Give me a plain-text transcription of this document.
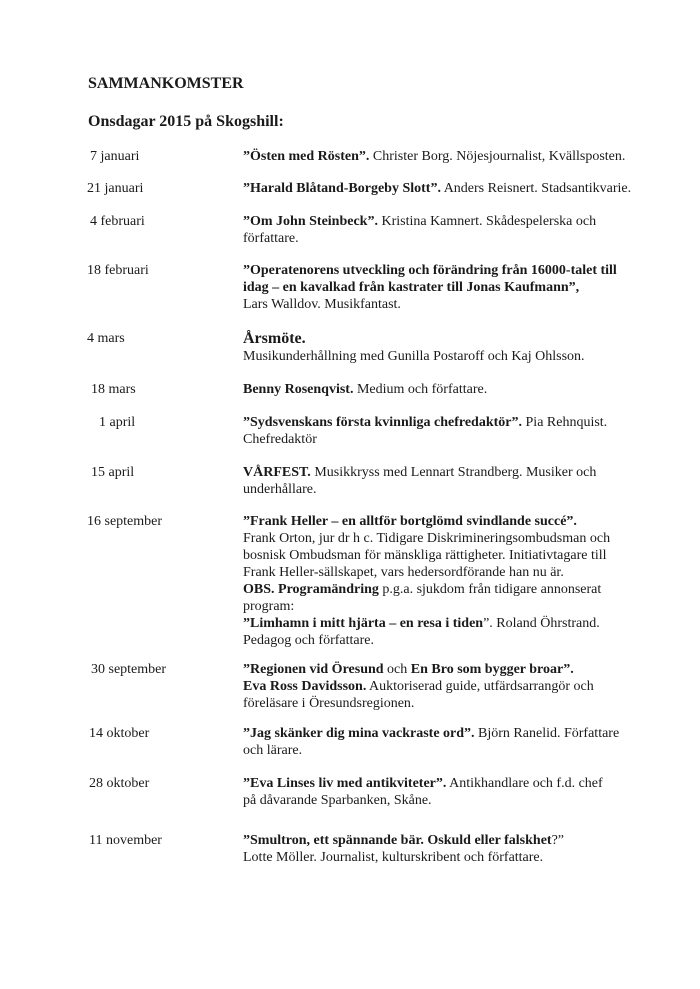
SAMMANKOMSTER
Onsdagar 2015 på Skogshill:
7 januari	”Östen med Rösten”. Christer Borg. Nöjesjournalist, Kvällsposten.
21 januari	”Harald Blåtand-Borgeby Slott”. Anders Reisnert. Stadsantikvarie.
4 februari	”Om John Steinbeck”. Kristina Kamnert. Skådespelerska och
författare.
18 februari	”Operatenorens utveckling och förändring från 16000-talet till
idag – en kavalkad från kastrater till Jonas Kaufmann”,
Lars Walldov. Musikfantast.
4 mars	Årsmöte.
Musikunderhållning med Gunilla Postaroff och Kaj Ohlsson.
18 mars	Benny Rosenqvist. Medium och författare.
1 april	”Sydsvenskans första kvinnliga chefredaktör”. Pia Rehnquist.
Chefredaktör
15 april	VÅRFEST. Musikkryss med Lennart Strandberg. Musiker och
underhållare.
16 september	”Frank Heller – en alltför bortglömd svindlande succé”.
Frank Orton, jur dr h c. Tidigare Diskrimineringsombudsman och
bosnisk Ombudsman för mänskliga rättigheter. Initiativtagare till
Frank Heller-sällskapet, vars hedersordförande han nu är.
OBS. Programändring p.g.a. sjukdom från tidigare annonserat
program:
”Limhamn i mitt hjärta – en resa i tiden”. Roland Öhrstrand.
Pedagog och författare.
30 september	”Regionen vid Öresund och En Bro som bygger broar”.
Eva Ross Davidsson. Auktoriserad guide, utfärdsarrangör och
föreläsare i Öresundsregionen.
14 oktober	”Jag skänker dig mina vackraste ord”. Björn Ranelid. Författare
och lärare.
28 oktober	”Eva Linses liv med antikviteter”. Antikhandlare och f.d. chef
på dåvarande Sparbanken, Skåne.
11 november	”Smultron, ett spännande bär. Oskuld eller falskhet?”
Lotte Möller. Journalist, kulturskribent och författare.
